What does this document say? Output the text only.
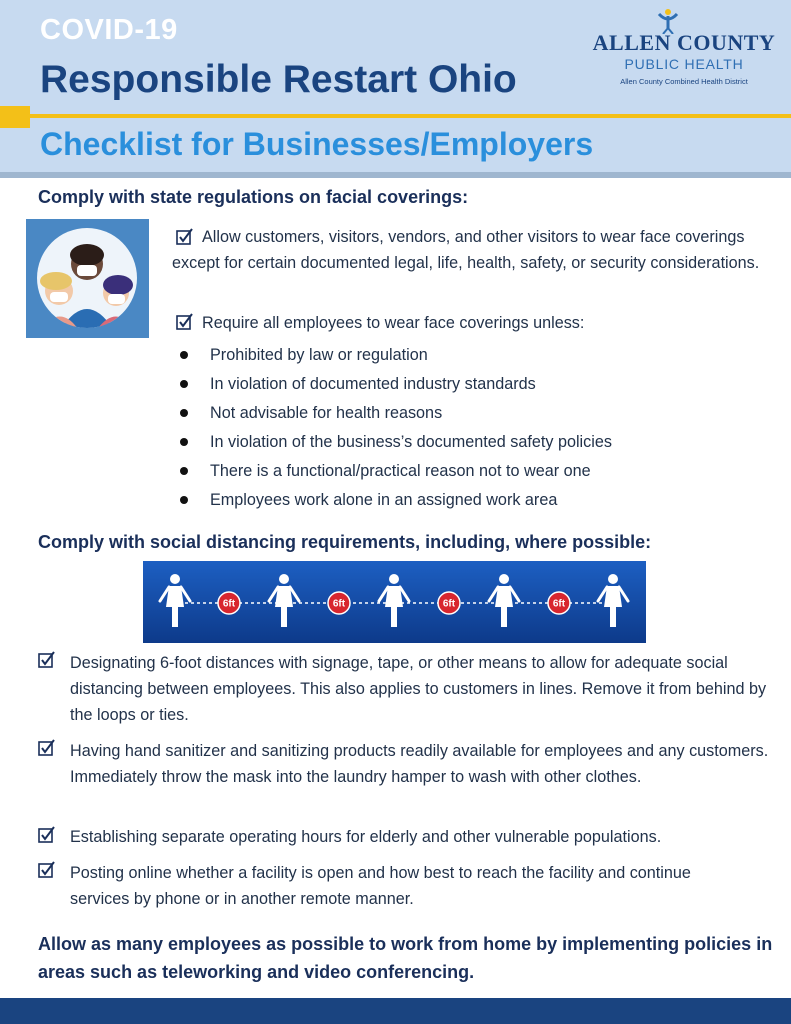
COVID-19
Responsible Restart Ohio
ALLEN COUNTY
PUBLIC HEALTH
Allen County Combined Health District
Checklist for Businesses/Employers
Comply with state regulations on facial coverings:
Allow customers, visitors, vendors, and other visitors to wear face coverings except for certain documented legal, life, health, safety, or security considerations.
Require all employees to wear face coverings unless:
Prohibited by law or regulation
In violation of documented industry standards
Not advisable for health reasons
In violation of the business’s documented safety policies
There is a functional/practical reason not to wear one
Employees work alone in an assigned work area
Comply with social distancing requirements, including, where possible:
6ft	6ft	6ft	6ft
Designating 6-foot distances with signage, tape, or other means to allow for adequate social distancing between employees. This also applies to customers in lines. Remove it from behind by the loops or ties.
Having hand sanitizer and sanitizing products readily available for employees and any customers. Immediately throw the mask into the laundry hamper to wash with other clothes.
Establishing separate operating hours for elderly and other vulnerable populations.
Posting online whether a facility is open and how best to reach the facility and continue services by phone or in another remote manner.
Allow as many employees as possible to work from home by implementing policies in areas such as teleworking and video conferencing.
